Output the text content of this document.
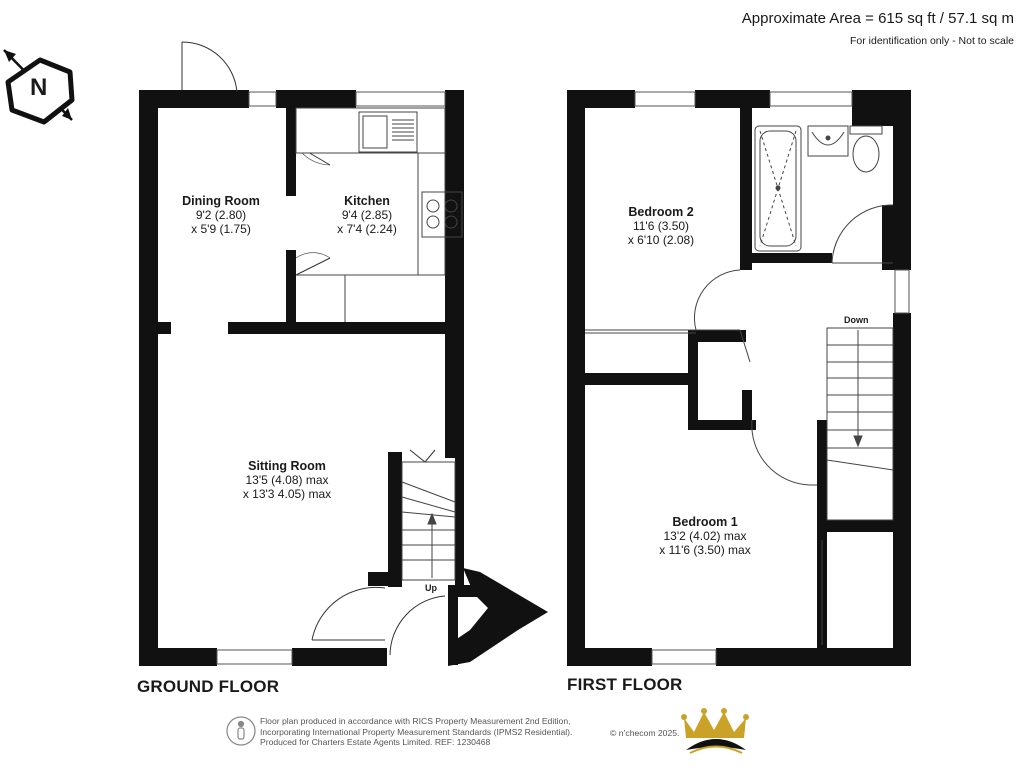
Approximate Area = 615 sq ft / 57.1 sq m
For identification only - Not to scale
N
Dining Room
9'2 (2.80)
x 5'9 (1.75)
Kitchen
9'4 (2.85)
x 7'4 (2.24)
Sitting Room
13'5 (4.08) max
x 13'3 4.05) max
Up
GROUND FLOOR
Bedroom 2
11'6 (3.50)
x 6'10 (2.08)
Bedroom 1
13'2 (4.02) max
x 11'6 (3.50) max
Down
FIRST FLOOR
Floor plan produced in accordance with RICS Property Measurement 2nd Edition,
Incorporating International Property Measurement Standards (IPMS2 Residential).
Produced for Charters Estate Agents Limited. REF: 1230468
© n’checom 2025.
